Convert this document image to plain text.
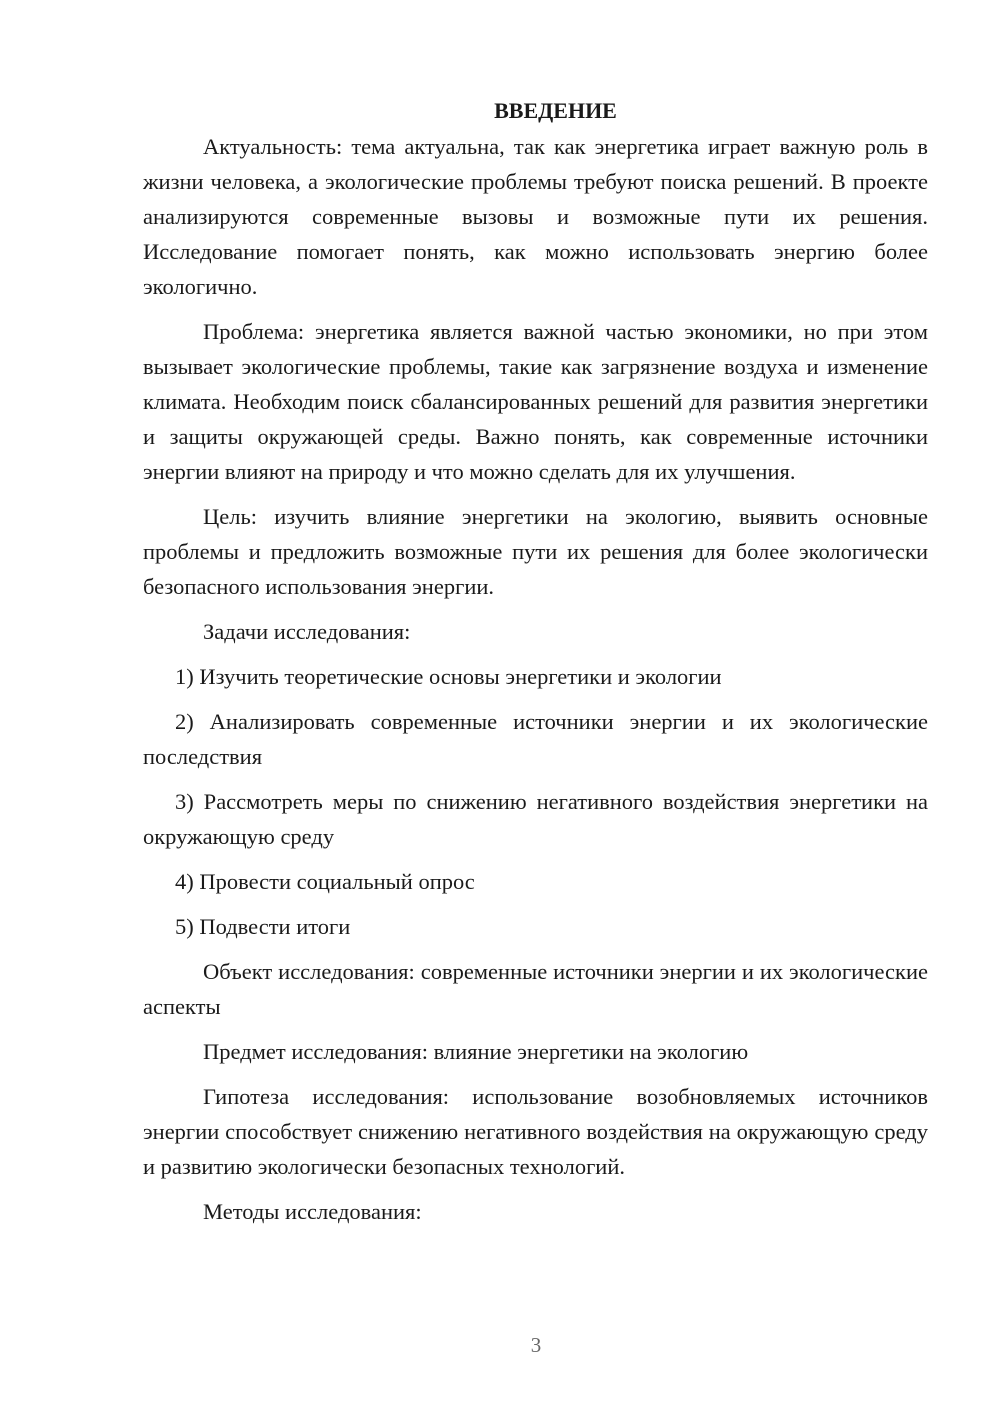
ВВЕДЕНИЕ

Актуальность: тема актуальна, так как энергетика играет важную роль в жизни человека, а экологические проблемы требуют поиска решений. В проекте анализируются современные вызовы и возможные пути их решения. Исследование помогает понять, как можно использовать энергию более экологично.

Проблема: энергетика является важной частью экономики, но при этом вызывает экологические проблемы, такие как загрязнение воздуха и изменение климата. Необходим поиск сбалансированных решений для развития энергетики и защиты окружающей среды. Важно понять, как современные источники энергии влияют на природу и что можно сделать для их улучшения.

Цель: изучить влияние энергетики на экологию, выявить основные проблемы и предложить возможные пути их решения для более экологически безопасного использования энергии.

Задачи исследования:

1) Изучить теоретические основы энергетики и экологии

2) Анализировать современные источники энергии и их экологические последствия

3) Рассмотреть меры по снижению негативного воздействия энергетики на окружающую среду

4) Провести социальный опрос

5) Подвести итоги

Объект исследования: современные источники энергии и их экологические аспекты

Предмет исследования: влияние энергетики на экологию

Гипотеза исследования: использование возобновляемых источников энергии способствует снижению негативного воздействия на окружающую среду и развитию экологически безопасных технологий.

Методы исследования:

3
